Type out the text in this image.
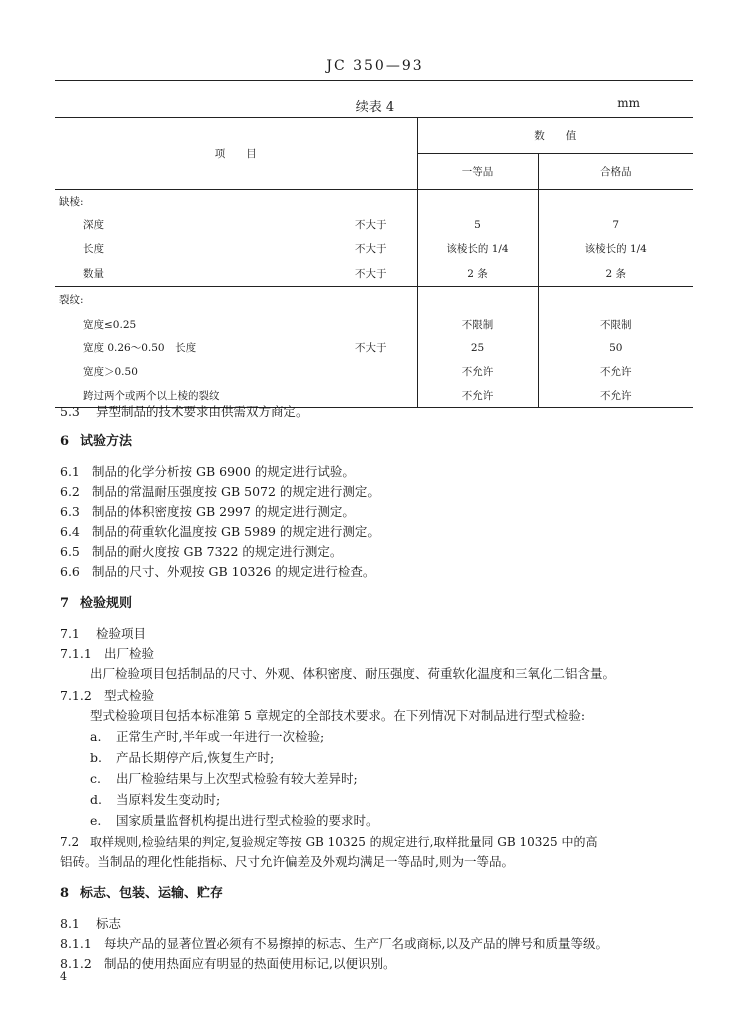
JC 350—93
续表 4	mm
项　　目	数　　值	
	一等品	合格品
缺棱:		
深度 不大于	5	7
长度 不大于	该棱长的 1/4	该棱长的 1/4
数量 不大于	2 条	2 条
裂纹:		
宽度≤0.25	不限制	不限制
宽度 0.26～0.50　长度 不大于	25	50
宽度＞0.50	不允许	不允许
跨过两个或两个以上棱的裂纹	不允许	不允许
5.3 异型制品的技术要求由供需双方商定。
6 试验方法
6.1 制品的化学分析按 GB 6900 的规定进行试验。
6.2 制品的常温耐压强度按 GB 5072 的规定进行测定。
6.3 制品的体积密度按 GB 2997 的规定进行测定。
6.4 制品的荷重软化温度按 GB 5989 的规定进行测定。
6.5 制品的耐火度按 GB 7322 的规定进行测定。
6.6 制品的尺寸、外观按 GB 10326 的规定进行检查。
7 检验规则
7.1 检验项目
7.1.1 出厂检验
出厂检验项目包括制品的尺寸、外观、体积密度、耐压强度、荷重软化温度和三氧化二铝含量。
7.1.2 型式检验
型式检验项目包括本标准第 5 章规定的全部技术要求。在下列情况下对制品进行型式检验:
a. 正常生产时,半年或一年进行一次检验;
b. 产品长期停产后,恢复生产时;
c. 出厂检验结果与上次型式检验有较大差异时;
d. 当原料发生变动时;
e. 国家质量监督机构提出进行型式检验的要求时。
7.2 取样规则,检验结果的判定,复验规定等按 GB 10325 的规定进行,取样批量同 GB 10325 中的高
铝砖。当制品的理化性能指标、尺寸允许偏差及外观均满足一等品时,则为一等品。
8 标志、包装、运输、贮存
8.1 标志
8.1.1 每块产品的显著位置必须有不易擦掉的标志、生产厂名或商标,以及产品的牌号和质量等级。
8.1.2 制品的使用热面应有明显的热面使用标记,以便识别。
4
